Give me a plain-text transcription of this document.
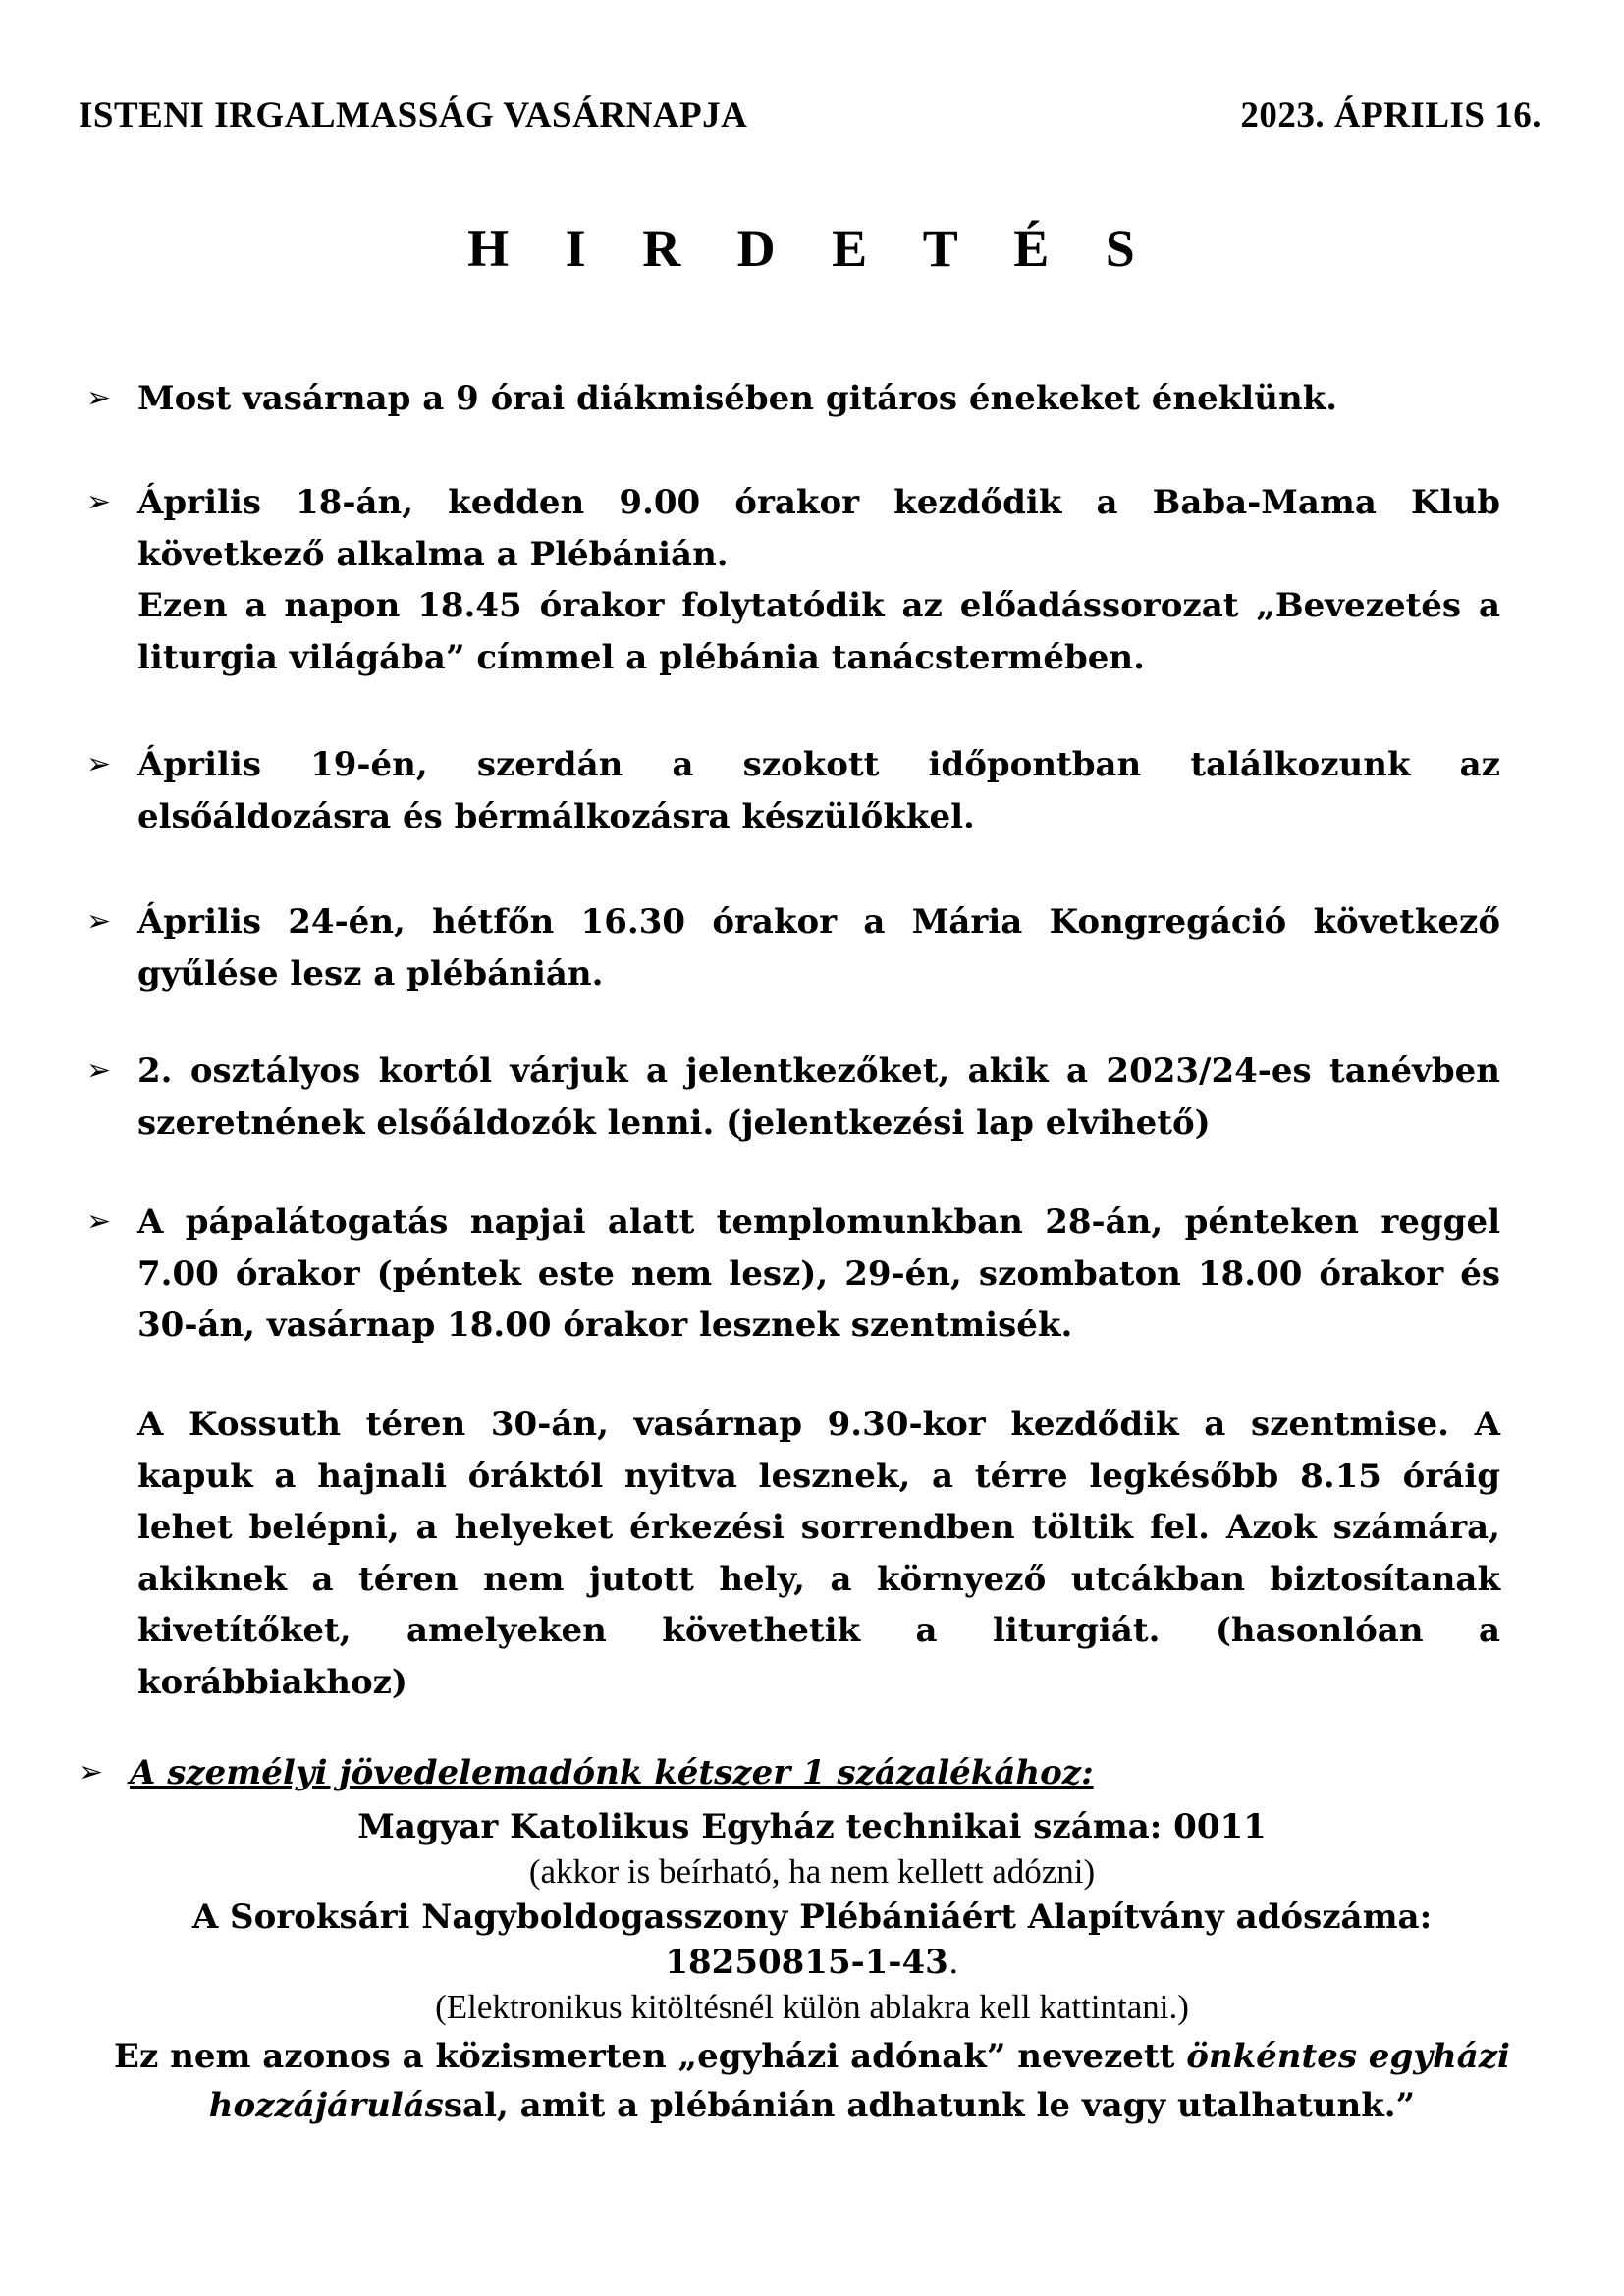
ISTENI IRGALMASSÁG VASÁRNAPJA	2023. ÁPRILIS 16.
H I R D E T É S
➢ Most vasárnap a 9 órai diákmisében gitáros énekeket éneklünk.

➢ Április 18-án, kedden 9.00 órakor kezdődik a Baba-Mama Klub következő alkalma a Plébánián.

Ezen a napon 18.45 órakor folytatódik az előadássorozat „Bevezetés a liturgia világába” címmel a plébánia tanácstermében.

➢ Április 19-én, szerdán a szokott időpontban találkozunk az elsőáldozásra és bérmálkozásra készülőkkel.

➢ Április 24-én, hétfőn 16.30 órakor a Mária Kongregáció következő gyűlése lesz a plébánián.

➢ 2. osztályos kortól várjuk a jelentkezőket, akik a 2023/24-es tanévben szeretnének elsőáldozók lenni. (jelentkezési lap elvihető)

➢ A pápalátogatás napjai alatt templomunkban 28-án, pénteken reggel 7.00 órakor (péntek este nem lesz), 29-én, szombaton 18.00 órakor és 30-án, vasárnap 18.00 órakor lesznek szentmisék.

A Kossuth téren 30-án, vasárnap 9.30-kor kezdődik a szentmise. A kapuk a hajnali óráktól nyitva lesznek, a térre legkésőbb 8.15 óráig lehet belépni, a helyeket érkezési sorrendben töltik fel. Azok számára, akiknek a téren nem jutott hely, a környező utcákban biztosítanak kivetítőket, amelyeken követhetik a liturgiát. (hasonlóan a korábbiakhoz)

➢ A személyi jövedelemadónk kétszer 1 százalékához:
Magyar Katolikus Egyház technikai száma: 0011
(akkor is beírható, ha nem kellett adózni)
A Soroksári Nagyboldogasszony Plébániáért Alapítvány adószáma:
18250815-1-43.
(Elektronikus kitöltésnél külön ablakra kell kattintani.)
Ez nem azonos a közismerten „egyházi adónak” nevezett önkéntes egyházi hozzájárulással, amit a plébánián adhatunk le vagy utalhatunk.”
